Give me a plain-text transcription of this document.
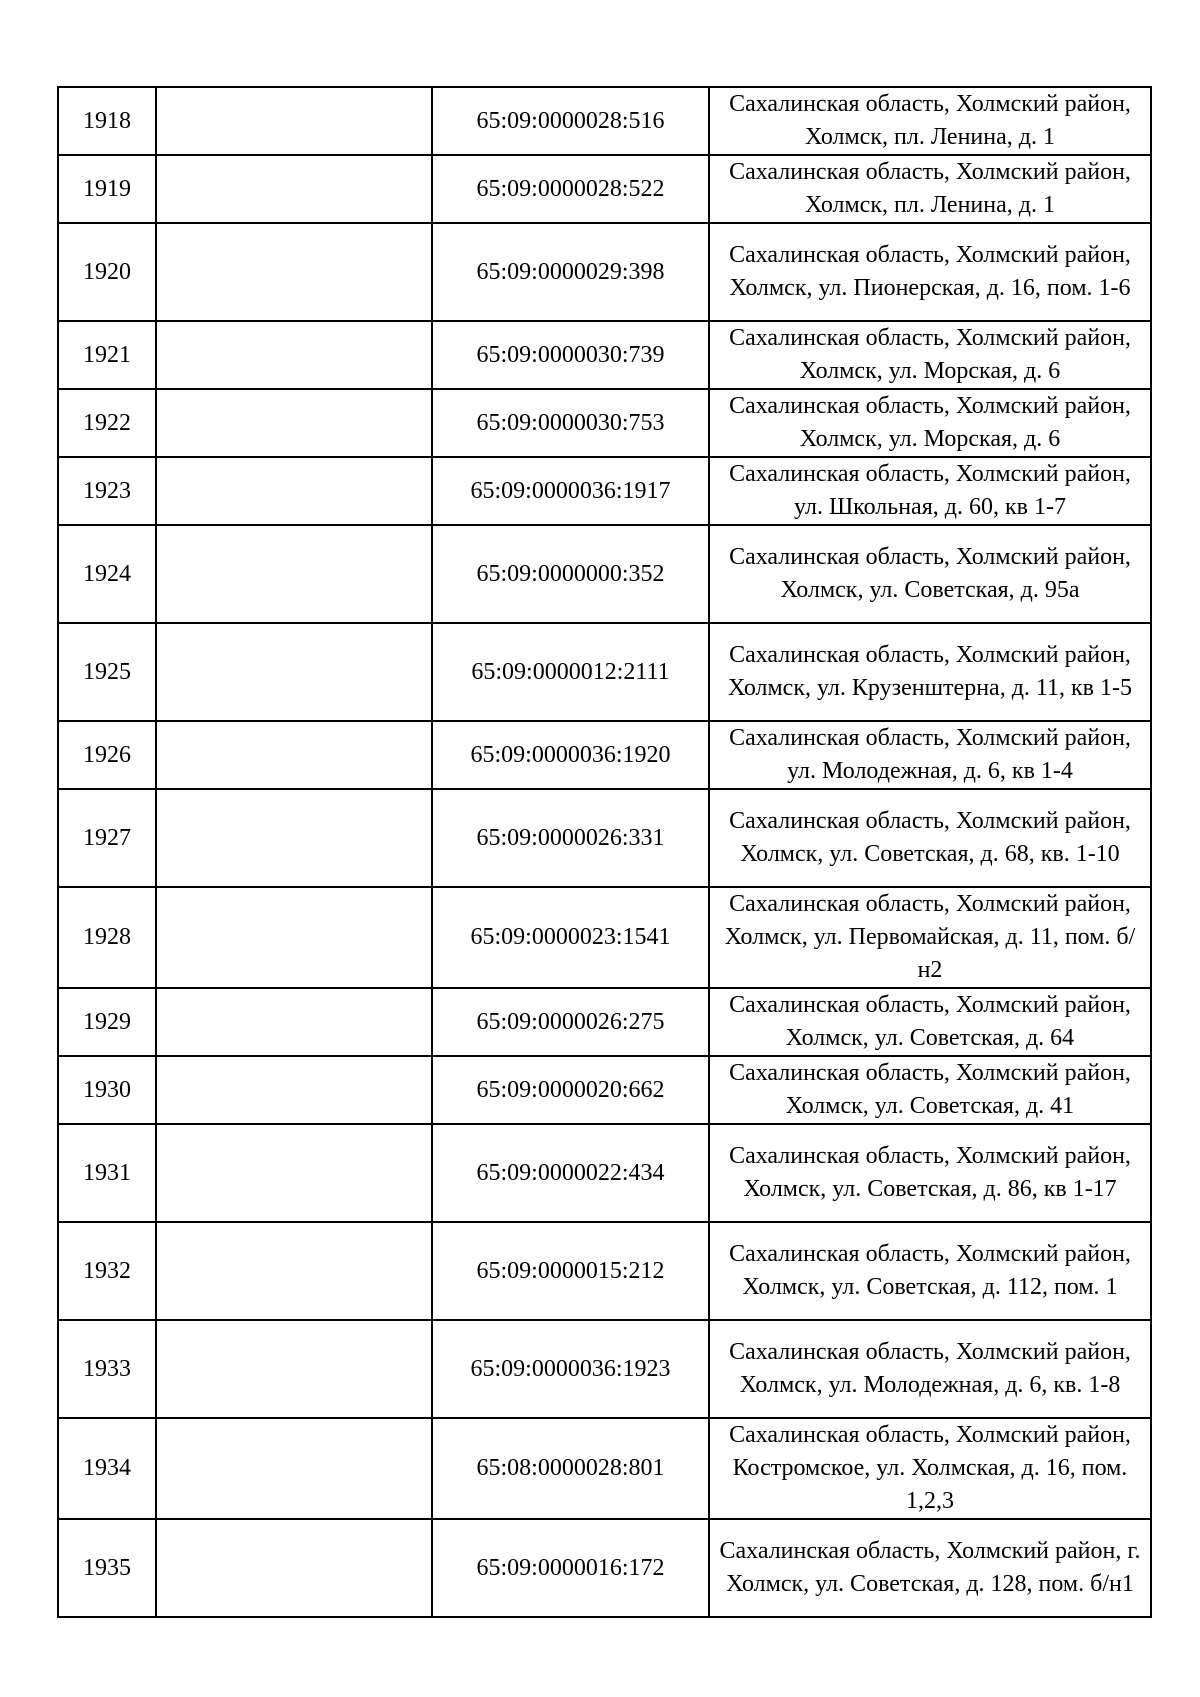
1918		65:09:0000028:516	Сахалинская область, Холмский район, Холмск, пл. Ленина, д. 1
1919		65:09:0000028:522	Сахалинская область, Холмский район, Холмск, пл. Ленина, д. 1
1920		65:09:0000029:398	Сахалинская область, Холмский район, Холмск, ул. Пионерская, д. 16, пом. 1-6
1921		65:09:0000030:739	Сахалинская область, Холмский район, Холмск, ул. Морская, д. 6
1922		65:09:0000030:753	Сахалинская область, Холмский район, Холмск, ул. Морская, д. 6
1923		65:09:0000036:1917	Сахалинская область, Холмский район, ул. Школьная, д. 60, кв 1-7
1924		65:09:0000000:352	Сахалинская область, Холмский район, Холмск, ул. Советская, д. 95а
1925		65:09:0000012:2111	Сахалинская область, Холмский район, Холмск, ул. Крузенштерна, д. 11, кв 1-5
1926		65:09:0000036:1920	Сахалинская область, Холмский район, ул. Молодежная, д. 6, кв 1-4
1927		65:09:0000026:331	Сахалинская область, Холмский район, Холмск, ул. Советская, д. 68, кв. 1-10
1928		65:09:0000023:1541	Сахалинская область, Холмский район, Холмск, ул. Первомайская, д. 11, пом. б/н2
1929		65:09:0000026:275	Сахалинская область, Холмский район, Холмск, ул. Советская, д. 64
1930		65:09:0000020:662	Сахалинская область, Холмский район, Холмск, ул. Советская, д. 41
1931		65:09:0000022:434	Сахалинская область, Холмский район, Холмск, ул. Советская, д. 86, кв 1-17
1932		65:09:0000015:212	Сахалинская область, Холмский район, Холмск, ул. Советская, д. 112, пом. 1
1933		65:09:0000036:1923	Сахалинская область, Холмский район, Холмск, ул. Молодежная, д. 6, кв. 1-8
1934		65:08:0000028:801	Сахалинская область, Холмский район, Костромское, ул. Холмская, д. 16, пом. 1,2,3
1935		65:09:0000016:172	Сахалинская область, Холмский район, г. Холмск, ул. Советская, д. 128, пом. б/н1
